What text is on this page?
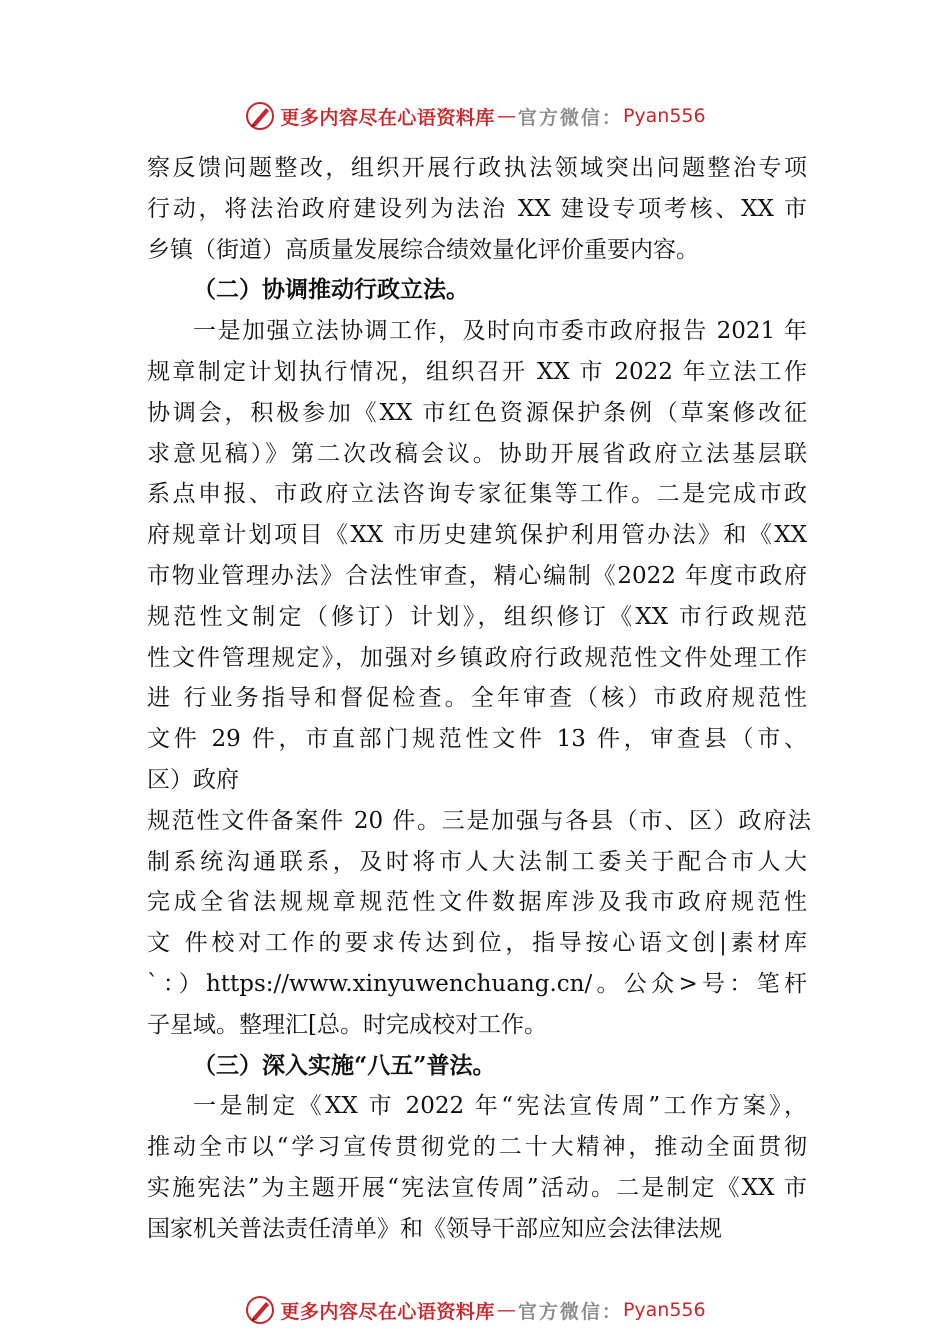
更多内容尽在心语资料库 — 官方微信： Pyan556
察反馈问题整改，组织开展行政执法领域突出问题整治专项
行动，将法治政府建设列为法治 XX 建设专项考核、XX 市
乡镇（街道）高质量发展综合绩效量化评价重要内容。
（二）协调推动行政立法。
一是加强立法协调工作，及时向市委市政府报告 2021 年
规章制定计划执行情况，组织召开 XX 市 2022 年立法工作
协调会，积极参加《XX 市红色资源保护条例（草案修改征
求意见稿）》第二次改稿会议。协助开展省政府立法基层联
系点申报、市政府立法咨询专家征集等工作。二是完成市政
府规章计划项目《XX 市历史建筑保护利用管办法》和《XX
市物业管理办法》合法性审查，精心编制《2022 年度市政府
规范性文制定（修订）计划》，组织修订《XX 市行政规范
性文件管理规定》，加强对乡镇政府行政规范性文件处理工作
进 行业务指导和督促检查。全年审查（核）市政府规范性
文件 29 件，市直部门规范性文件 13 件，审查县（市、
区）政府
规范性文件备案件 20 件。三是加强与各县（市、区）政府法
制系统沟通联系，及时将市人大法制工委关于配合市人大
完成全省法规规章规范性文件数据库涉及我市政府规范性
文 件校对工作的要求传达到位，指导按心语文创|素材库
`：）https://www.xinyuwenchuang.cn/。公众>号：笔杆
子星域。整理汇[总。时完成校对工作。
（三）深入实施“八五”普法。
一是制定《XX 市 2022 年“宪法宣传周”工作方案》，
推动全市以“学习宣传贯彻党的二十大精神，推动全面贯彻
实施宪法”为主题开展“宪法宣传周”活动。二是制定《XX 市
国家机关普法责任清单》和《领导干部应知应会法律法规
更多内容尽在心语资料库 — 官方微信： Pyan556
